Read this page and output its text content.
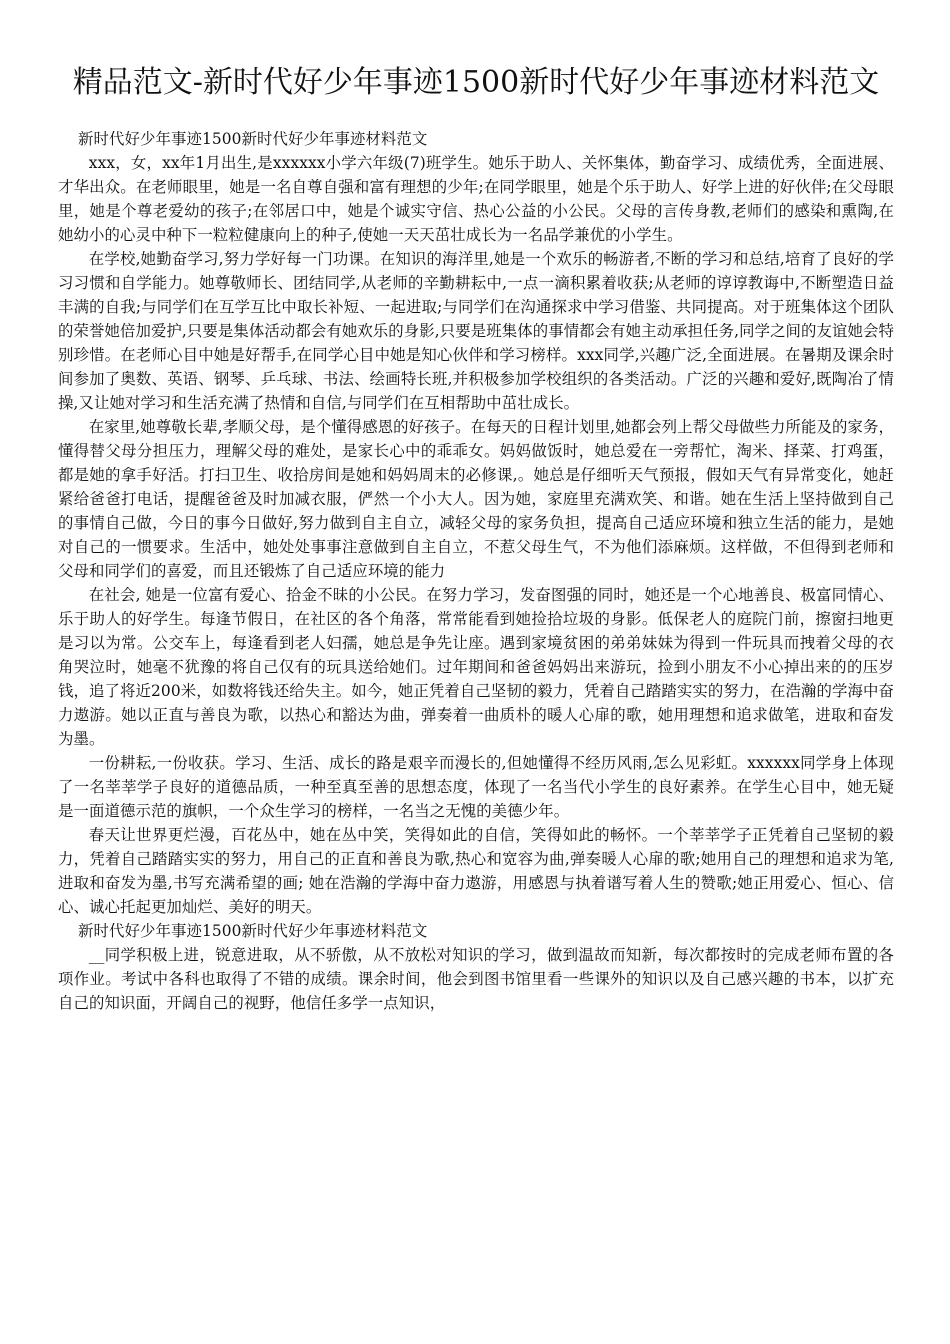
精品范文-新时代好少年事迹1500新时代好少年事迹材料范文

新时代好少年事迹1500新时代好少年事迹材料范文

xxx，女，xx年1月出生,是xxxxxx小学六年级(7)班学生。她乐于助人、关怀集体，勤奋学习、成绩优秀，全面进展、才华出众。在老师眼里，她是一名自尊自强和富有理想的少年;在同学眼里，她是个乐于助人、好学上进的好伙伴;在父母眼里，她是个尊老爱幼的孩子;在邻居口中，她是个诚实守信、热心公益的小公民。父母的言传身教,老师们的感染和熏陶,在她幼小的心灵中种下一粒粒健康向上的种子,使她一天天茁壮成长为一名品学兼优的小学生。

在学校,她勤奋学习,努力学好每一门功课。在知识的海洋里,她是一个欢乐的畅游者,不断的学习和总结,培育了良好的学习习惯和自学能力。她尊敬师长、团结同学,从老师的辛勤耕耘中,一点一滴积累着收获;从老师的谆谆教诲中,不断塑造日益丰满的自我;与同学们在互学互比中取长补短、一起进取;与同学们在沟通探求中学习借鉴、共同提高。对于班集体这个团队的荣誉她倍加爱护,只要是集体活动都会有她欢乐的身影,只要是班集体的事情都会有她主动承担任务,同学之间的友谊她会特别珍惜。在老师心目中她是好帮手,在同学心目中她是知心伙伴和学习榜样。xxx同学,兴趣广泛,全面进展。在暑期及课余时间参加了奥数、英语、钢琴、乒乓球、书法、绘画特长班,并积极参加学校组织的各类活动。广泛的兴趣和爱好,既陶冶了情操,又让她对学习和生活充满了热情和自信,与同学们在互相帮助中茁壮成长。

在家里,她尊敬长辈,孝顺父母，是个懂得感恩的好孩子。在每天的日程计划里,她都会列上帮父母做些力所能及的家务，懂得替父母分担压力，理解父母的难处，是家长心中的乖乖女。妈妈做饭时，她总爱在一旁帮忙，淘米、择菜、打鸡蛋，都是她的拿手好活。打扫卫生、收拾房间是她和妈妈周末的必修课,。她总是仔细听天气预报，假如天气有异常变化，她赶紧给爸爸打电话，提醒爸爸及时加减衣服，俨然一个小大人。因为她，家庭里充满欢笑、和谐。她在生活上坚持做到自己的事情自己做，今日的事今日做好,努力做到自主自立，减轻父母的家务负担，提高自己适应环境和独立生活的能力，是她对自己的一惯要求。生活中，她处处事事注意做到自主自立，不惹父母生气，不为他们添麻烦。这样做，不但得到老师和父母和同学们的喜爱，而且还锻炼了自己适应环境的能力

在社会, 她是一位富有爱心、拾金不昧的小公民。在努力学习，发奋图强的同时，她还是一个心地善良、极富同情心、乐于助人的好学生。每逢节假日，在社区的各个角落，常常能看到她捡拾垃圾的身影。低保老人的庭院门前，擦窗扫地更是习以为常。公交车上，每逢看到老人妇孺，她总是争先让座。遇到家境贫困的弟弟妹妹为得到一件玩具而拽着父母的衣角哭泣时，她毫不犹豫的将自己仅有的玩具送给她们。过年期间和爸爸妈妈出来游玩，捡到小朋友不小心掉出来的的压岁钱，追了将近200米，如数将钱还给失主。如今，她正凭着自己坚韧的毅力，凭着自己踏踏实实的努力，在浩瀚的学海中奋力遨游。她以正直与善良为歌，以热心和豁达为曲，弹奏着一曲质朴的暖人心扉的歌，她用理想和追求做笔，进取和奋发为墨。

一份耕耘,一份收获。学习、生活、成长的路是艰辛而漫长的,但她懂得不经历风雨,怎么见彩虹。xxxxxx同学身上体现了一名莘莘学子良好的道德品质，一种至真至善的思想态度，体现了一名当代小学生的良好素养。在学生心目中，她无疑是一面道德示范的旗帜，一个众生学习的榜样，一名当之无愧的美德少年。

春天让世界更烂漫，百花丛中，她在丛中笑，笑得如此的自信，笑得如此的畅怀。一个莘莘学子正凭着自己坚韧的毅力，凭着自己踏踏实实的努力，用自己的正直和善良为歌,热心和宽容为曲,弹奏暖人心扉的歌;她用自己的理想和追求为笔,进取和奋发为墨,书写充满希望的画; 她在浩瀚的学海中奋力遨游，用感恩与执着谱写着人生的赞歌;她正用爱心、恒心、信心、诚心托起更加灿烂、美好的明天。

新时代好少年事迹1500新时代好少年事迹材料范文

__同学积极上进，锐意进取，从不骄傲，从不放松对知识的学习，做到温故而知新，每次都按时的完成老师布置的各项作业。考试中各科也取得了不错的成绩。课余时间，他会到图书馆里看一些课外的知识以及自己感兴趣的书本，以扩充自己的知识面，开阔自己的视野，他信任多学一点知识，
